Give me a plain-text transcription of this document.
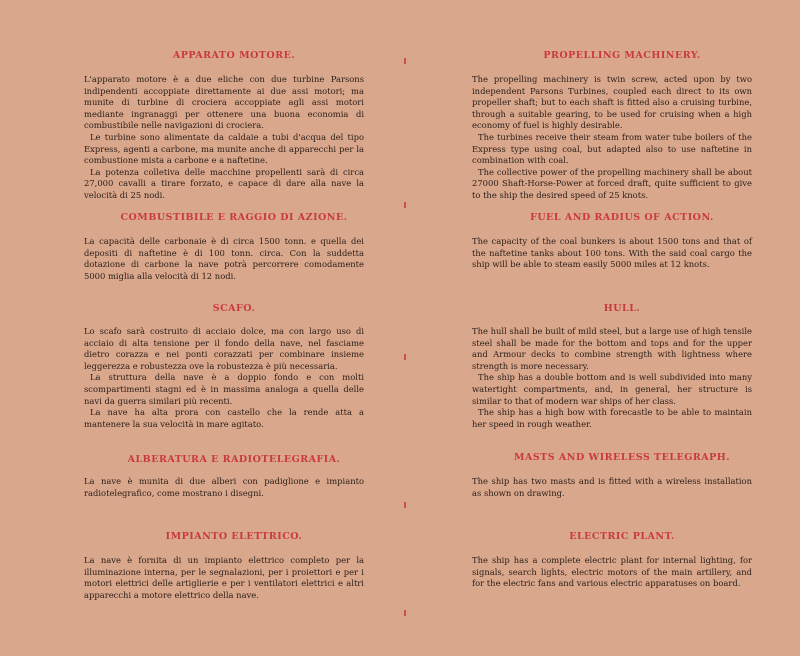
APPARATO MOTORE.

L'apparato motore è a due eliche con due turbine Parsons indipendenti accoppiate direttamente ai due assi motori; ma munite di turbine di crociera accoppiate agli assi motori mediante ingranaggi per ottenere una buona economia di combustibile nelle navigazioni di crociera.

Le turbine sono alimentate da caldaie a tubi d'acqua del tipo Express, agenti a carbone, ma munite anche di apparecchi per la combustione mista a carbone e a naftetine.

La potenza colletiva delle macchine propellenti sarà di circa 27,000 cavalli a tirare forzato, e capace di dare alla nave la velocità di 25 nodi.

COMBUSTIBILE E RAGGIO DI AZIONE.

La capacità delle carbonaie è di circa 1500 tonn. e quella dei depositi di naftetine è di 100 tonn. circa. Con la suddetta dotazione di carbone la nave potrà percorrere comodamente 5000 miglia alla velocità di 12 nodi.

SCAFO.

Lo scafo sarà costruito di acciaio dolce, ma con largo uso di acciaio di alta tensione per il fondo della nave, nel fasciame dietro corazza e nei ponti corazzati per combinare insieme leggerezza e robustezza ove la robustezza è più necessaria.

La struttura della nave è a doppio fondo e con molti scompartimenti stagni ed è in massima analoga a quella delle navi da guerra similari più recenti.

La nave ha alta prora con castello che la rende atta a mantenere la sua velocità in mare agitato.

ALBERATURA E RADIOTELEGRAFIA.

La nave è munita di due alberi con padiglione e impianto radiotelegrafico, come mostrano i disegni.

IMPIANTO ELETTRICO.

La nave è fornita di un impianto elettrico completo per la illuminazione interna, per le segnalazioni, per i proiettori e per i motori elettrici delle artiglierie e per i ventilatori elettrici e altri apparecchi a motore elettrico della nave.

PROPELLING MACHINERY.

The propelling machinery is twin screw, acted upon by two independent Parsons Turbines, coupled each direct to its own propeller shaft; but to each shaft is fitted also a cruising turbine, through a suitable gearing, to be used for cruising when a high economy of fuel is highly desirable.

The turbines receive their steam from water tube boilers of the Express type using coal, but adapted also to use naftetine in combination with coal.

The collective power of the propelling machinery shall be about 27000 Shaft-Horse-Power at forced draft, quite sufficient to give to the ship the desired speed of 25 knots.

FUEL AND RADIUS OF ACTION.

The capacity of the coal bunkers is about 1500 tons and that of the naftetine tanks about 100 tons. With the said coal cargo the ship will be able to steam easily 5000 miles at 12 knots.

HULL.

The hull shall be built of mild steel, but a large use of high tensile steel shall be made for the bottom and tops and for the upper and Armour decks to combine strength with lightness where strength is more necessary.

The ship has a double bottom and is well subdivided into many watertight compartments, and, in general, her structure is similar to that of modern war ships of her class.

The ship has a high bow with forecastle to be able to maintain her speed in rough weather.

MASTS AND WIRELESS TELEGRAPH.

The ship has two masts and is fitted with a wireless installation as shown on drawing.

ELECTRIC PLANT.

The ship has a complete electric plant for internal lighting, for signals, search lights, electric motors of the main artillery, and for the electric fans and various electric apparatuses on board.
